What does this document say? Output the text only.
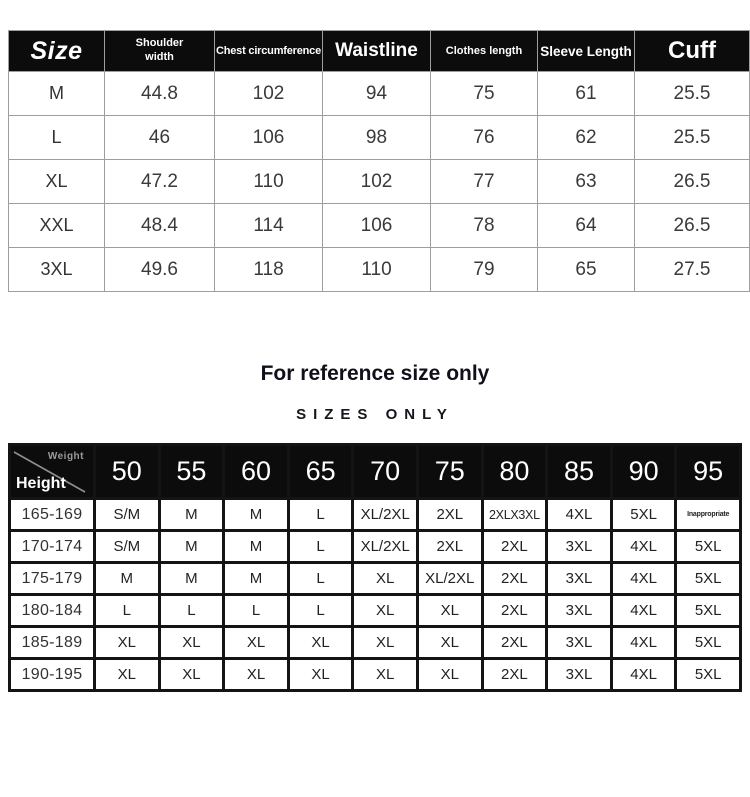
Size	Shoulder width	Chest circumference	Waistline	Clothes length	Sleeve Length	Cuff
M	44.8	102	94	75	61	25.5
L	46	106	98	76	62	25.5
XL	47.2	110	102	77	63	26.5
XXL	48.4	114	106	78	64	26.5
3XL	49.6	118	110	79	65	27.5
For reference size only
SIZES ONLY
Weight
Height 50 55 60 65 70 75 80 85 90 95
165-169	S/M	M	M	L	XL/2XL	2XL	2XLX3XL	4XL	5XL	Inappropriate
170-174	S/M	M	M	L	XL/2XL	2XL	2XL	3XL	4XL	5XL
175-179	M	M	M	L	XL	XL/2XL	2XL	3XL	4XL	5XL
180-184	L	L	L	L	XL	XL	2XL	3XL	4XL	5XL
185-189	XL	XL	XL	XL	XL	XL	2XL	3XL	4XL	5XL
190-195	XL	XL	XL	XL	XL	XL	2XL	3XL	4XL	5XL
